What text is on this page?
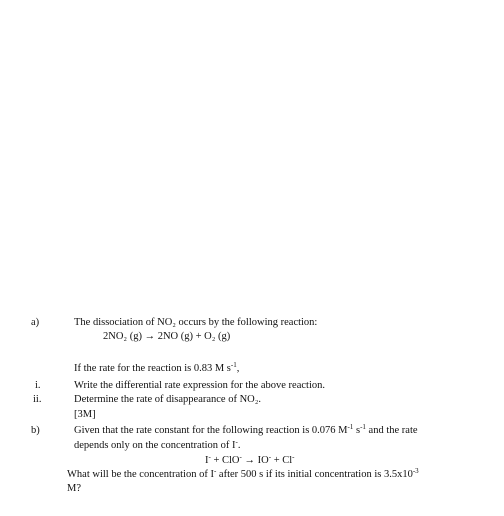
a)	The dissociation of NO₂ occurs by the following reaction:
2NO₂ (g) → 2NO (g) + O₂ (g)
If the rate for the reaction is 0.83 M $s^{-1}$,
i.	Write the differential rate expression for the above reaction.
ii.	Determine the rate of disappearance of NO₂.
[3M]
b)	Given that the rate constant for the following reaction is 0.076 $M^{-1}$ $s^{-1}$ and the rate
depends only on the concentration of I-.
I- + ClO- → IO- + Cl-
What will be the concentration of I- after 500 s if its initial concentration is $3.5x10^{-3}$
M?
